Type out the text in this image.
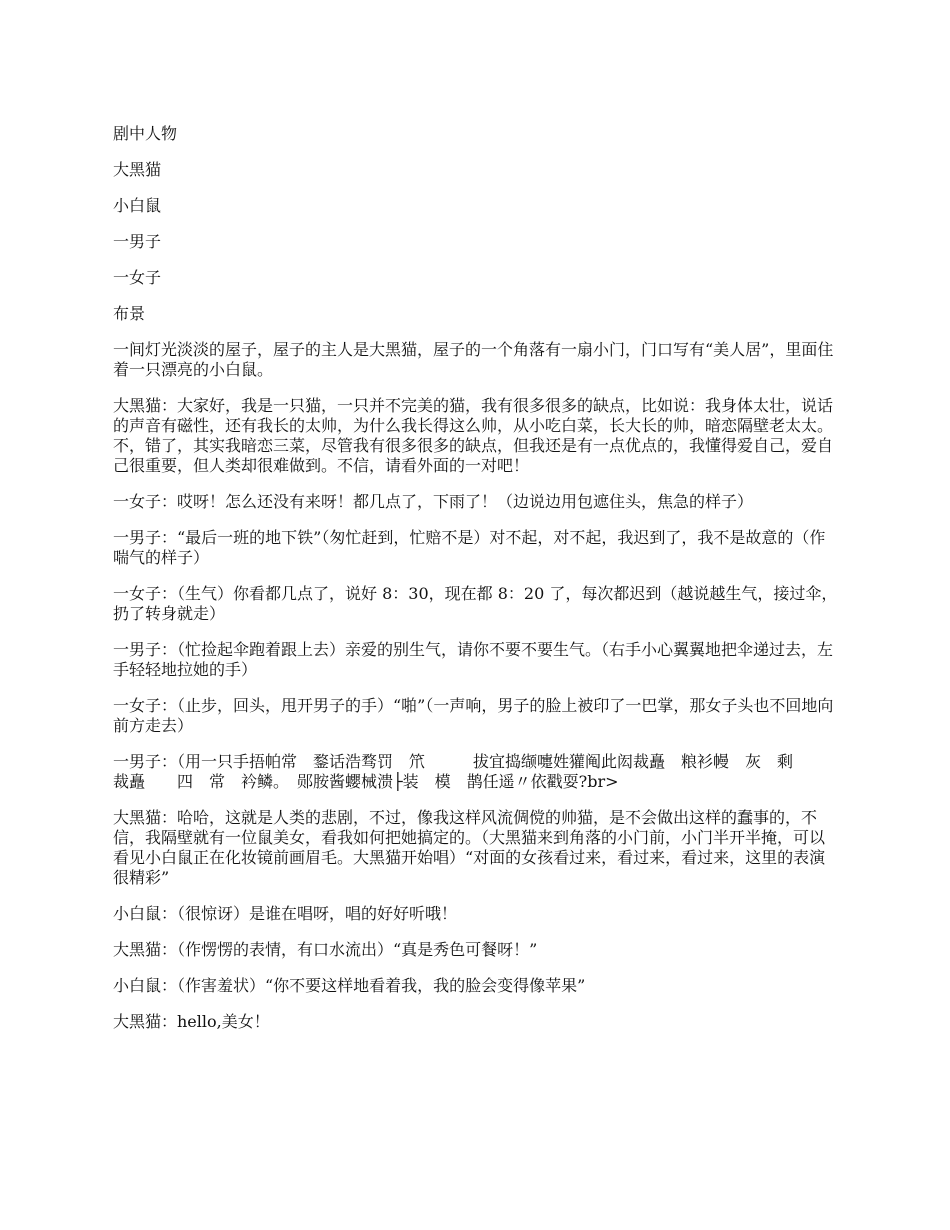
剧中人物

大黑猫

小白鼠

一男子

一女子

布景

一间灯光淡淡的屋子，屋子的主人是大黑猫，屋子的一个角落有一扇小门，门口写有“美人居”，里面住着一只漂亮的小白鼠。

大黑猫：大家好，我是一只猫，一只并不完美的猫，我有很多很多的缺点，比如说：我身体太壮，说话的声音有磁性，还有我长的太帅，为什么我长得这么帅，从小吃白菜，长大长的帅，暗恋隔壁老太太。不，错了，其实我暗恋三菜，尽管我有很多很多的缺点，但我还是有一点优点的，我懂得爱自己，爱自己很重要，但人类却很难做到。不信，请看外面的一对吧！

一女子：哎呀！怎么还没有来呀！都几点了，下雨了！（边说边用包遮住头，焦急的样子）

一男子：“最后一班的地下铁”（匆忙赶到，忙赔不是）对不起，对不起，我迟到了，我不是故意的（作喘气的样子）

一女子：（生气）你看都几点了，说好 8：30，现在都 8：20 了，每次都迟到（越说越生气，接过伞，扔了转身就走）

一男子：（忙捡起伞跑着跟上去）亲爱的别生气，请你不要不要生气。（右手小心翼翼地把伞递过去，左手轻轻地拉她的手）

一女子：（止步，回头，甩开男子的手）“啪”（一声响，男子的脸上被印了一巴掌，那女子头也不回地向前方走去）

一男子：（用一只手捂帕常　鍪话浩骛罚　笊　　　拔宜捣缬嚏姓獾阄此闳裁矗　粮衫幔　灰　剩　　裁矗　　四　常　衿鳞。　郧胺酱蠳械溃├装　模　鹊任遥〃依戳耍?br>

大黑猫：哈哈，这就是人类的悲剧，不过，像我这样风流倜傥的帅猫，是不会做出这样的蠢事的，不信，我隔壁就有一位鼠美女，看我如何把她搞定的。（大黑猫来到角落的小门前，小门半开半掩，可以看见小白鼠正在化妆镜前画眉毛。大黑猫开始唱）“对面的女孩看过来，看过来，看过来，这里的表演很精彩”

小白鼠：（很惊讶）是谁在唱呀，唱的好好听哦！

大黑猫：（作愣愣的表情，有口水流出）“真是秀色可餐呀！”

小白鼠：（作害羞状）“你不要这样地看着我，我的脸会变得像苹果”

大黑猫：hello,美女！
